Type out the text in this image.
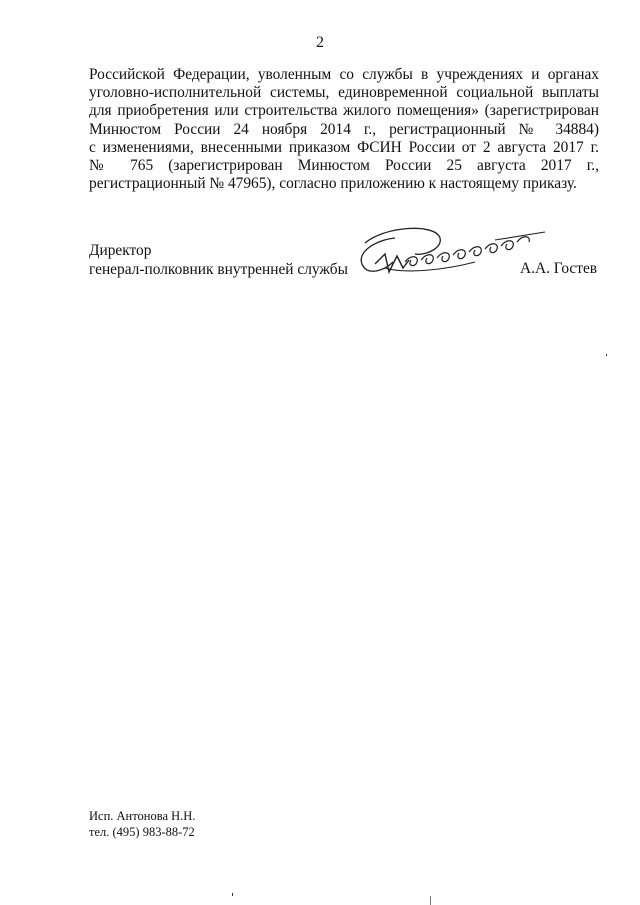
2
Российской Федерации, уволенным со службы в учреждениях и органах
уголовно-исполнительной системы, единовременной социальной выплаты
для приобретения или строительства жилого помещения» (зарегистрирован
Минюстом России 24 ноября 2014 г., регистрационный № 34884)
с изменениями, внесенными приказом ФСИН России от 2 августа 2017 г.
№ 765 (зарегистрирован Минюстом России 25 августа 2017 г.,
регистрационный № 47965), согласно приложению к настоящему приказу.
Директор
генерал-полковник внутренней службы	А.А. Гостев
Исп. Антонова Н.Н.
тел. (495) 983-88-72
